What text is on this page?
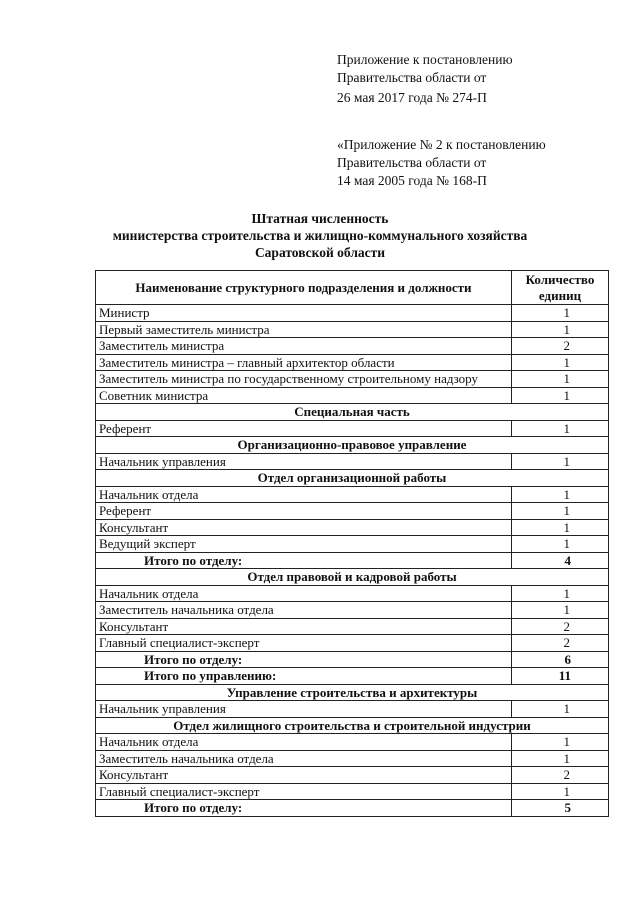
Приложение к постановлению
Правительства области от
26 мая 2017 года № 274-П
«Приложение № 2 к постановлению
Правительства области от
14 мая 2005 года № 168-П
Штатная численность
министерства строительства и жилищно-коммунального хозяйства
Саратовской области
Наименование структурного подразделения и должности	Количество единиц
Министр	1
Первый заместитель министра	1
Заместитель министра	2
Заместитель министра – главный архитектор области	1
Заместитель министра по государственному строительному надзору	1
Советник министра	1
Специальная часть	
Референт	1
Организационно-правовое управление	
Начальник управления	1
Отдел организационной работы	
Начальник отдела	1
Референт	1
Консультант	1
Ведущий эксперт	1
Итого по отделу:	4
Отдел правовой и кадровой работы	
Начальник отдела	1
Заместитель начальника отдела	1
Консультант	2
Главный специалист-эксперт	2
Итого по отделу:	6
Итого по управлению:	11
Управление строительства и архитектуры	
Начальник управления	1
Отдел жилищного строительства и строительной индустрии	
Начальник отдела	1
Заместитель начальника отдела	1
Консультант	2
Главный специалист-эксперт	1
Итого по отделу:	5
